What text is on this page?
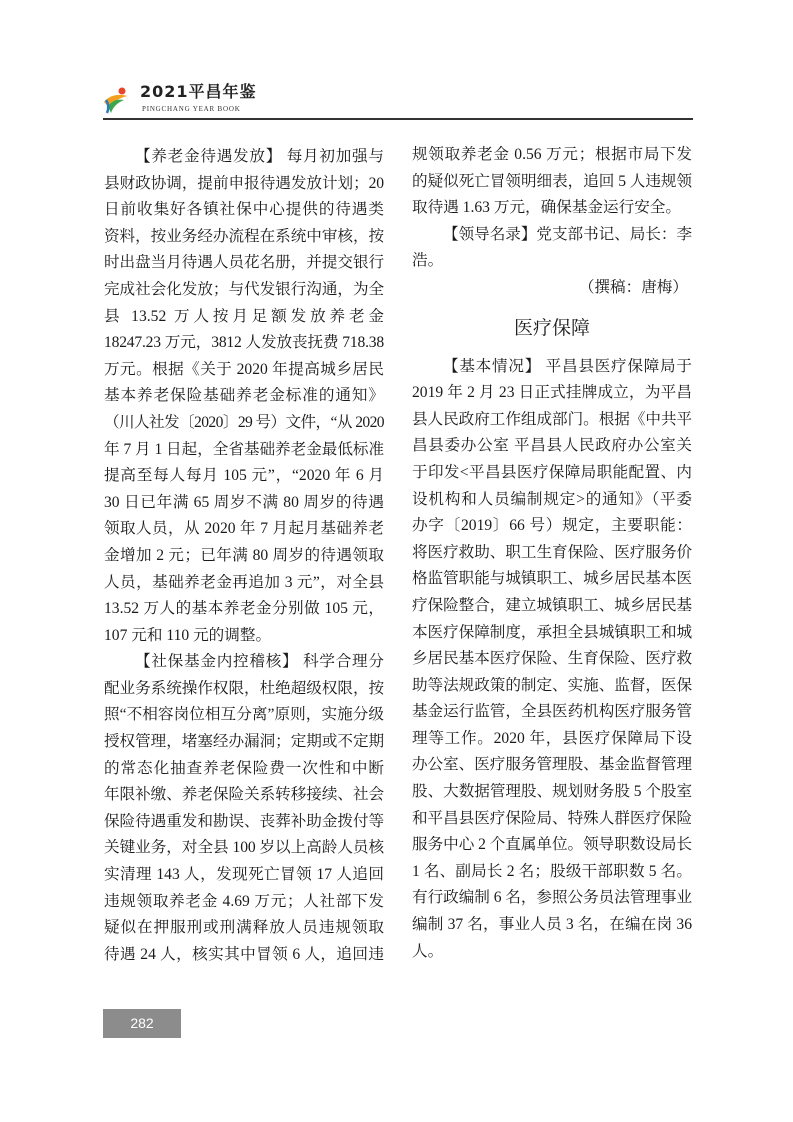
2021平昌年鉴
PINGCHANG YEAR BOOK
【养老金待遇发放】 每月初加强与
县财政协调，提前申报待遇发放计划；20
日前收集好各镇社保中心提供的待遇类
资料，按业务经办流程在系统中审核，按
时出盘当月待遇人员花名册，并提交银行
完成社会化发放；与代发银行沟通，为全
县 13.52 万人按月足额发放养老金
18247.23 万元，3812 人发放丧抚费 718.38
万元。根据《关于 2020 年提高城乡居民
基本养老保险基础养老金标准的通知》
（川人社发〔2020〕29 号）文件，“从 2020
年 7 月 1 日起，全省基础养老金最低标准
提高至每人每月 105 元”，“2020 年 6 月
30 日已年满 65 周岁不满 80 周岁的待遇
领取人员，从 2020 年 7 月起月基础养老
金增加 2 元；已年满 80 周岁的待遇领取
人员，基础养老金再追加 3 元”，对全县
13.52 万人的基本养老金分别做 105 元，
107 元和 110 元的调整。
【社保基金内控稽核】 科学合理分
配业务系统操作权限，杜绝超级权限，按
照“不相容岗位相互分离”原则，实施分级
授权管理，堵塞经办漏洞；定期或不定期
的常态化抽查养老保险费一次性和中断
年限补缴、养老保险关系转移接续、社会
保险待遇重发和勘误、丧葬补助金拨付等
关键业务，对全县 100 岁以上高龄人员核
实清理 143 人，发现死亡冒领 17 人追回
违规领取养老金 4.69 万元；人社部下发
疑似在押服刑或刑满释放人员违规领取
待遇 24 人，核实其中冒领 6 人，追回违
规领取养老金 0.56 万元；根据市局下发
的疑似死亡冒领明细表，追回 5 人违规领
取待遇 1.63 万元，确保基金运行安全。
【领导名录】党支部书记、局长：李
浩。
（撰稿：唐梅）
医疗保障
【基本情况】 平昌县医疗保障局于
2019 年 2 月 23 日正式挂牌成立，为平昌
县人民政府工作组成部门。根据《中共平
昌县委办公室 平昌县人民政府办公室关
于印发<平昌县医疗保障局职能配置、内
设机构和人员编制规定>的通知》（平委
办字〔2019〕66 号）规定，主要职能：
将医疗救助、职工生育保险、医疗服务价
格监管职能与城镇职工、城乡居民基本医
疗保险整合，建立城镇职工、城乡居民基
本医疗保障制度，承担全县城镇职工和城
乡居民基本医疗保险、生育保险、医疗救
助等法规政策的制定、实施、监督，医保
基金运行监管，全县医药机构医疗服务管
理等工作。2020 年，县医疗保障局下设
办公室、医疗服务管理股、基金监督管理
股、大数据管理股、规划财务股 5 个股室
和平昌县医疗保险局、特殊人群医疗保险
服务中心 2 个直属单位。领导职数设局长
1 名、副局长 2 名；股级干部职数 5 名。
有行政编制 6 名，参照公务员法管理事业
编制 37 名，事业人员 3 名，在编在岗 36
人。
282
